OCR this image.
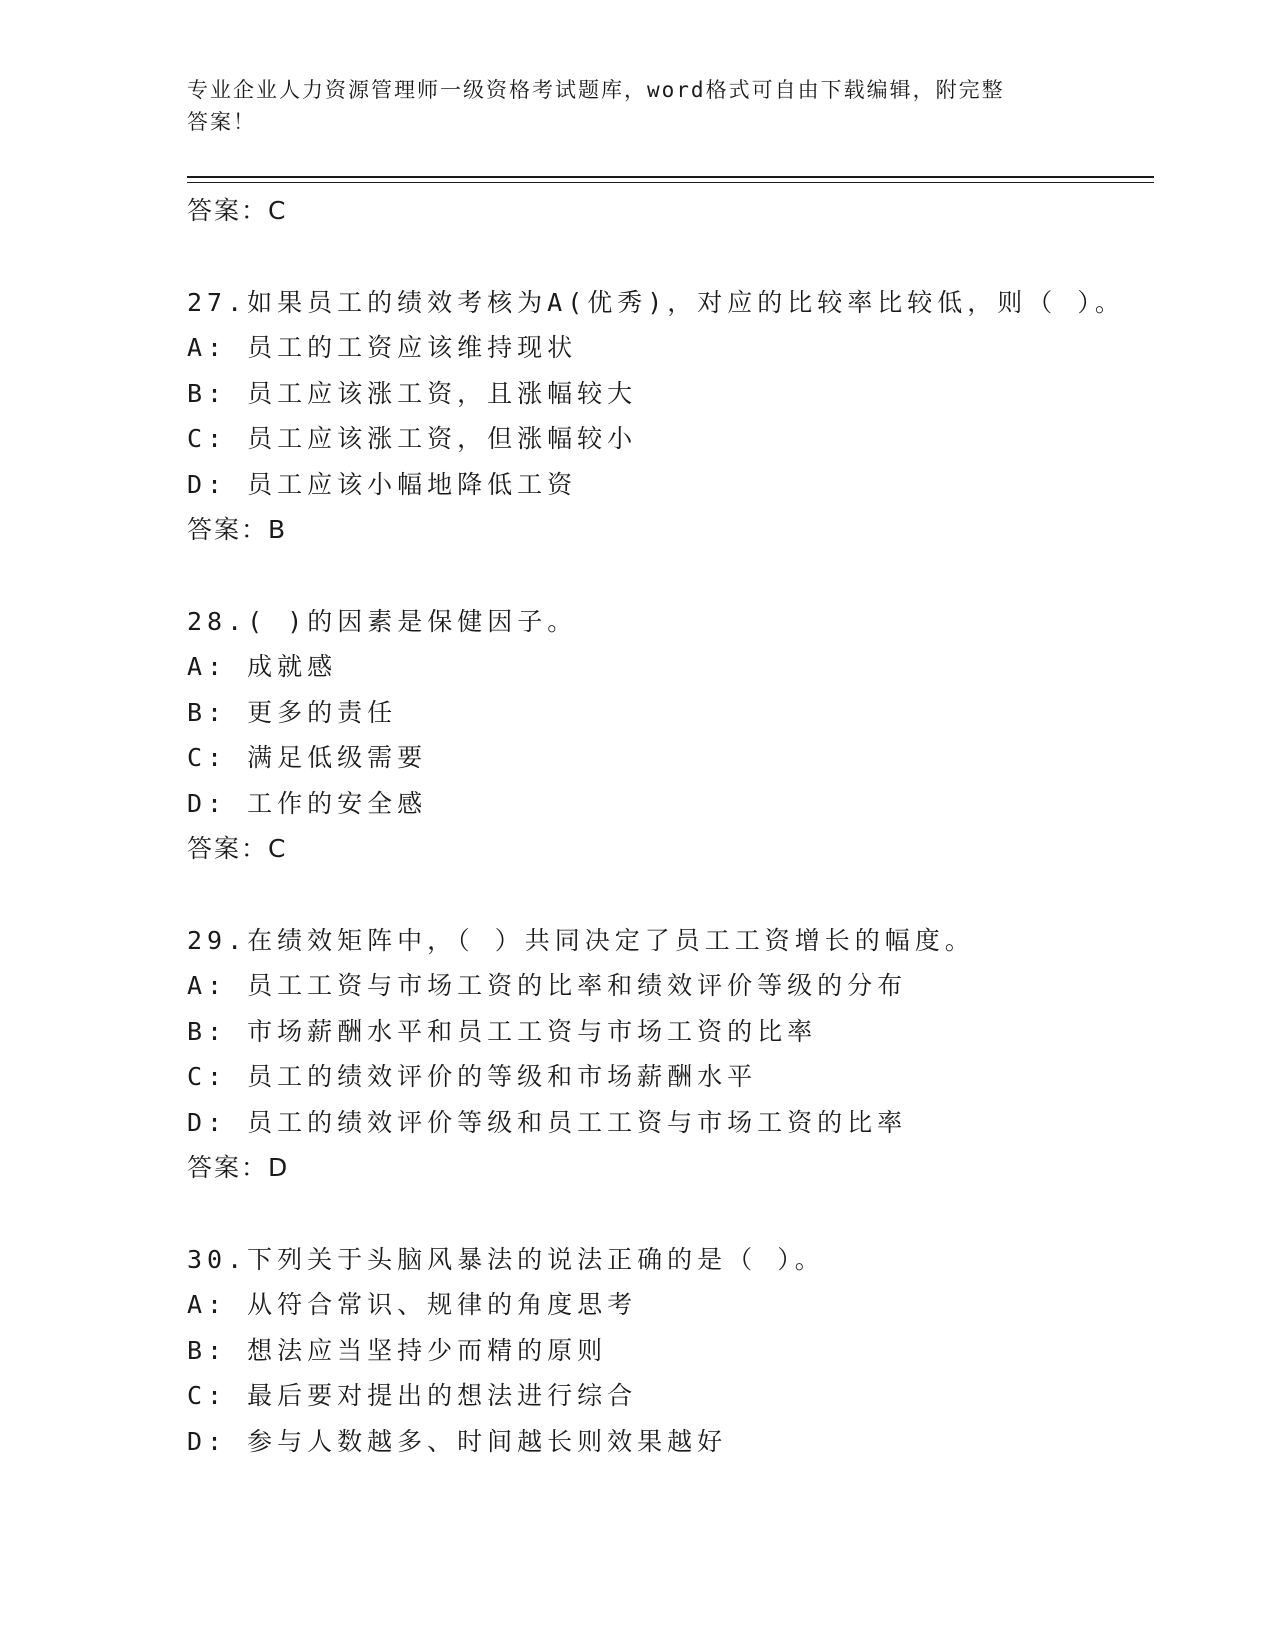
专业企业人力资源管理师一级资格考试题库，word格式可自由下载编辑，附完整
答案！
答案：C
27.如果员工的绩效考核为A(优秀)，对应的比较率比较低，则（ ）。
A: 员工的工资应该维持现状
B: 员工应该涨工资，且涨幅较大
C: 员工应该涨工资，但涨幅较小
D: 员工应该小幅地降低工资
答案：B
28.( )的因素是保健因子。
A: 成就感
B: 更多的责任
C: 满足低级需要
D: 工作的安全感
答案：C
29.在绩效矩阵中，（ ）共同决定了员工工资增长的幅度。
A: 员工工资与市场工资的比率和绩效评价等级的分布
B: 市场薪酬水平和员工工资与市场工资的比率
C: 员工的绩效评价的等级和市场薪酬水平
D: 员工的绩效评价等级和员工工资与市场工资的比率
答案：D
30.下列关于头脑风暴法的说法正确的是（ ）。
A: 从符合常识、规律的角度思考
B: 想法应当坚持少而精的原则
C: 最后要对提出的想法进行综合
D: 参与人数越多、时间越长则效果越好
